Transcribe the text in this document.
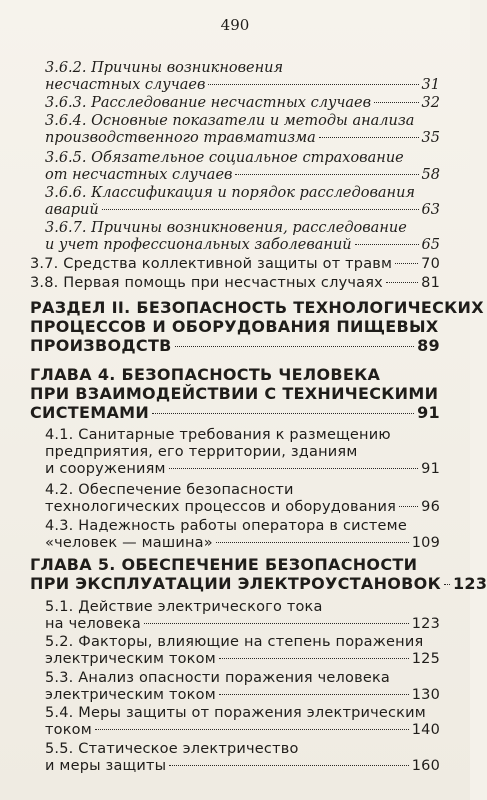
490
3.6.2. Причины возникновения
несчастных случаев	31
3.6.3. Расследование несчастных случаев	32
3.6.4. Основные показатели и методы анализа
производственного травматизма	35
3.6.5. Обязательное социальное страхование
от несчастных случаев	58
3.6.6. Классификация и порядок расследования
аварий	63
3.6.7. Причины возникновения, расследование
и учет профессиональных заболеваний	65
3.7. Средства коллективной защиты от травм 70
3.8. Первая помощь при несчастных случаях	81
РАЗДЕЛ II. БЕЗОПАСНОСТЬ ТЕХНОЛОГИЧЕСКИХ
ПРОЦЕССОВ И ОБОРУДОВАНИЯ ПИЩЕВЫХ
ПРОИЗВОДСТВ	89
ГЛАВА 4. БЕЗОПАСНОСТЬ ЧЕЛОВЕКА
ПРИ ВЗАИМОДЕЙСТВИИ С ТЕХНИЧЕСКИМИ
СИСТЕМАМИ	91
4.1. Санитарные требования к размещению
предприятия, его территории, зданиям
и сооружениям	91
4.2. Обеспечение безопасности
технологических процессов и оборудования 96
4.3. Надежность работы оператора в системе
«человек — машина»	109
ГЛАВА 5. ОБЕСПЕЧЕНИЕ БЕЗОПАСНОСТИ
ПРИ ЭКСПЛУАТАЦИИ ЭЛЕКТРОУСТАНОВОК 123
5.1. Действие электрического тока
на человека	123
5.2. Факторы, влияющие на степень поражения
электрическим током	125
5.3. Анализ опасности поражения человека
электрическим током	130
5.4. Меры защиты от поражения электрическим
током	140
5.5. Статическое электричество
и меры защиты	160
